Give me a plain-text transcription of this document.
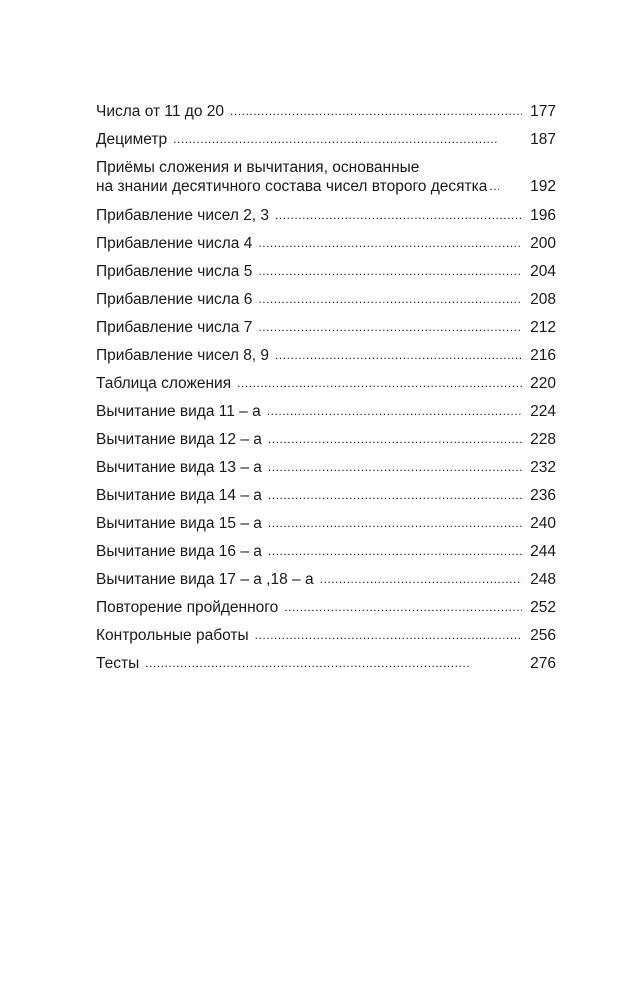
Числа от 11 до 20 . . .	177
Дециметр . . .	187
Приёмы сложения и вычитания, основанные
на знании десятичного состава чисел второго десятка . . .	192
Прибавление чисел 2, 3 . . .	196
Прибавление числа 4 . . .	200
Прибавление числа 5 . . .	204
Прибавление числа 6 . . .	208
Прибавление числа 7 . . .	212
Прибавление чисел 8, 9 . . .	216
Таблица сложения . . .	220
Вычитание вида 11 – а . . .	224
Вычитание вида 12 – а . . .	228
Вычитание вида 13 – а . . .	232
Вычитание вида 14 – а . . .	236
Вычитание вида 15 – а . . .	240
Вычитание вида 16 – а . . .	244
Вычитание вида 17 – а ,18 – а . . .	248
Повторение пройденного . . .	252
Контрольные работы . . .	256
Тесты . . .	276
